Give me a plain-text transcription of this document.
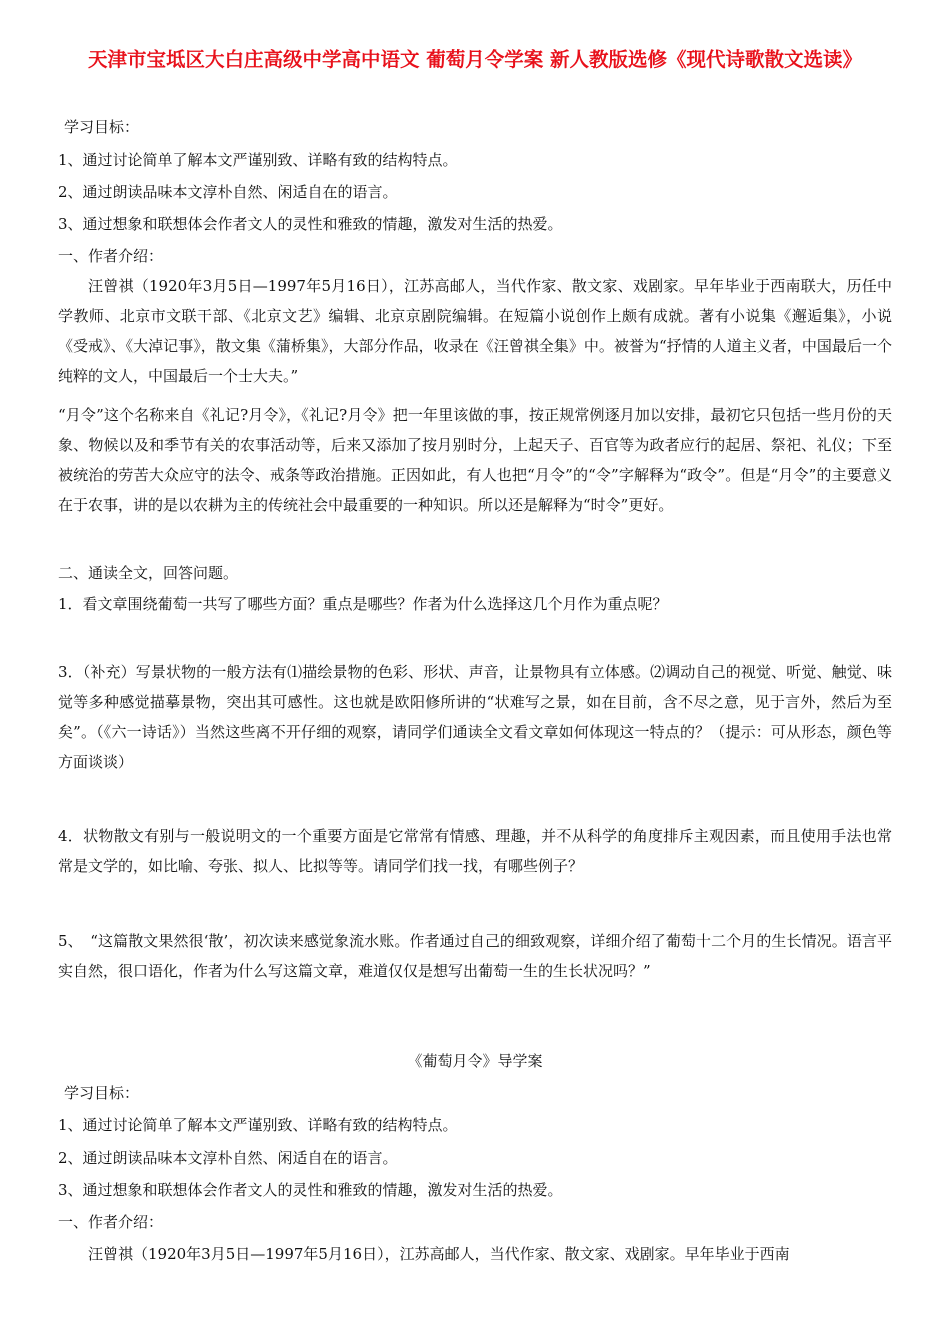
天津市宝坻区大白庄高级中学高中语文 葡萄月令学案 新人教版选修《现代诗歌散文选读》

学习目标：

1、通过讨论简单了解本文严谨别致、详略有致的结构特点。

2、通过朗读品味本文淳朴自然、闲适自在的语言。

3、通过想象和联想体会作者文人的灵性和雅致的情趣，激发对生活的热爱。

一、作者介绍：

汪曾祺（1920年3月5日—1997年5月16日），江苏高邮人，当代作家、散文家、戏剧家。早年毕业于西南联大，历任中学教师、北京市文联干部、《北京文艺》编辑、北京京剧院编辑。在短篇小说创作上颇有成就。著有小说集《邂逅集》，小说《受戒》、《大淖记事》，散文集《蒲桥集》，大部分作品，收录在《汪曾祺全集》中。被誉为“抒情的人道主义者，中国最后一个纯粹的文人，中国最后一个士大夫。”

“月令”这个名称来自《礼记?月令》，《礼记?月令》把一年里该做的事，按正规常例逐月加以安排，最初它只包括一些月份的天象、物候以及和季节有关的农事活动等，后来又添加了按月别时分，上起天子、百官等为政者应行的起居、祭祀、礼仪；下至被统治的劳苦大众应守的法令、戒条等政治措施。正因如此，有人也把“月令”的“令”字解释为“政令”。但是“月令”的主要意义在于农事，讲的是以农耕为主的传统社会中最重要的一种知识。所以还是解释为“时令”更好。

二、通读全文，回答问题。

1．看文章围绕葡萄一共写了哪些方面？重点是哪些？作者为什么选择这几个月作为重点呢？

3．（补充）写景状物的一般方法有⑴描绘景物的色彩、形状、声音，让景物具有立体感。⑵调动自己的视觉、听觉、触觉、味觉等多种感觉描摹景物，突出其可感性。这也就是欧阳修所讲的“状难写之景，如在目前，含不尽之意，见于言外，然后为至矣”。（《六一诗话》）当然这些离不开仔细的观察，请同学们通读全文看文章如何体现这一特点的？（提示：可从形态，颜色等方面谈谈）

4．状物散文有别与一般说明文的一个重要方面是它常常有情感、理趣，并不从科学的角度排斥主观因素，而且使用手法也常常是文学的，如比喻、夸张、拟人、比拟等等。请同学们找一找，有哪些例子？

5、　“这篇散文果然很‘散’，初次读来感觉象流水账。作者通过自己的细致观察，详细介绍了葡萄十二个月的生长情况。语言平实自然，很口语化，作者为什么写这篇文章，难道仅仅是想写出葡萄一生的生长状况吗？”

《葡萄月令》导学案

学习目标：

1、通过讨论简单了解本文严谨别致、详略有致的结构特点。

2、通过朗读品味本文淳朴自然、闲适自在的语言。

3、通过想象和联想体会作者文人的灵性和雅致的情趣，激发对生活的热爱。

一、作者介绍：

汪曾祺（1920年3月5日—1997年5月16日），江苏高邮人，当代作家、散文家、戏剧家。早年毕业于西南
